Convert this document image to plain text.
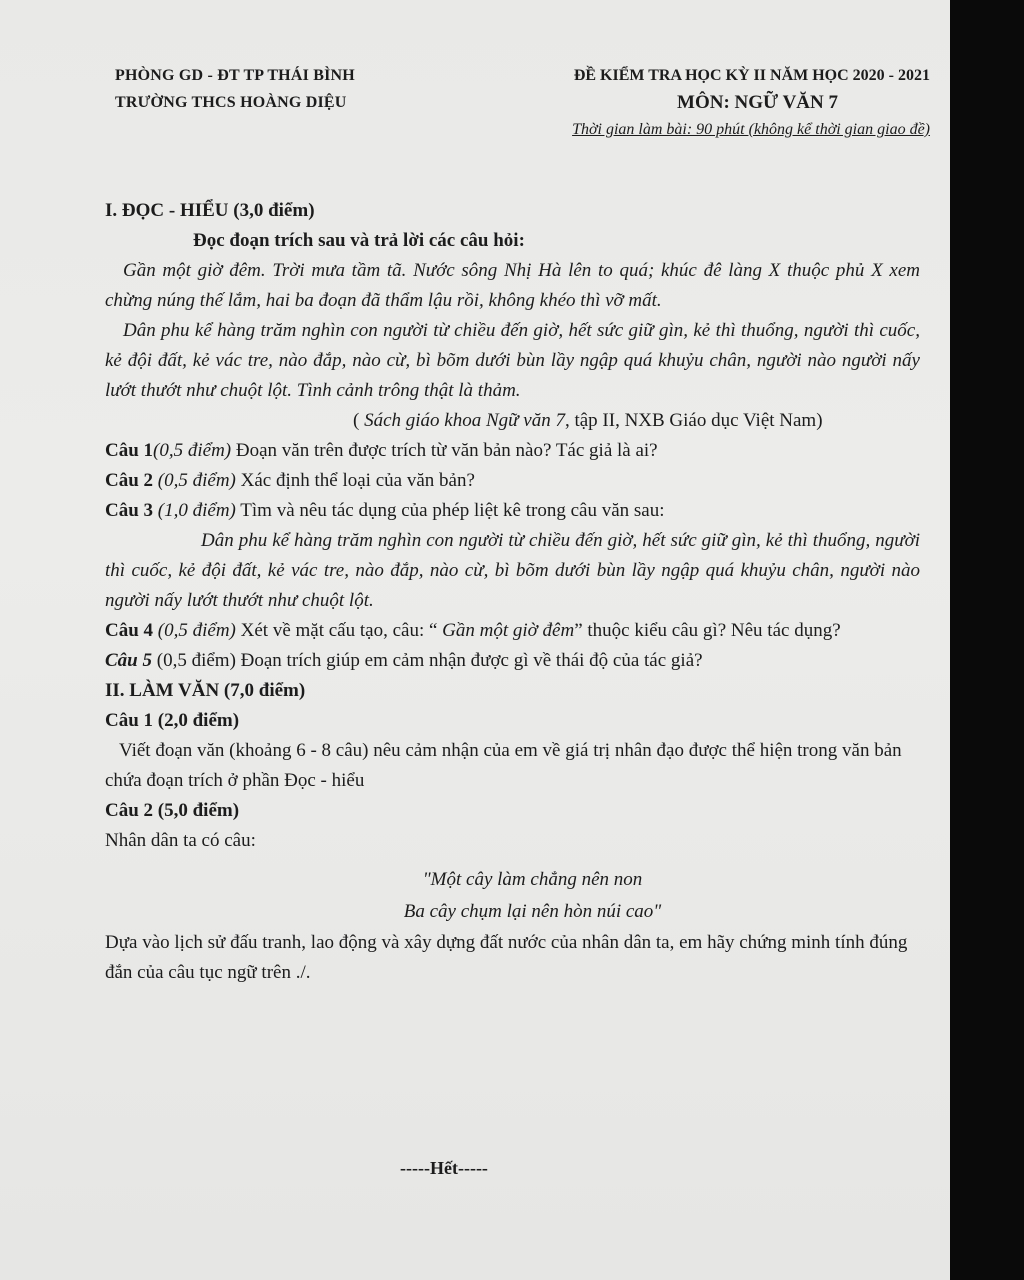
PHÒNG GD - ĐT TP THÁI BÌNH
TRƯỜNG THCS HOÀNG DIỆU
ĐỀ KIỂM TRA HỌC KỲ II NĂM HỌC 2020 - 2021
MÔN: NGỮ VĂN 7
Thời gian làm bài: 90 phút (không kể thời gian giao đề)
I. ĐỌC - HIỂU (3,0 điểm)
Đọc đoạn trích sau và trả lời các câu hỏi:

Gần một giờ đêm. Trời mưa tầm tã. Nước sông Nhị Hà lên to quá; khúc đê làng X thuộc phủ X xem chừng núng thế lắm, hai ba đoạn đã thẩm lậu rồi, không khéo thì vỡ mất.

Dân phu kể hàng trăm nghìn con người từ chiều đến giờ, hết sức giữ gìn, kẻ thì thuổng, người thì cuốc, kẻ đội đất, kẻ vác tre, nào đắp, nào cừ, bì bõm dưới bùn lầy ngập quá khuỷu chân, người nào người nấy lướt thướt như chuột lột. Tình cảnh trông thật là thảm.

( Sách giáo khoa Ngữ văn 7, tập II, NXB Giáo dục Việt Nam)

Câu 1(0,5 điểm) Đoạn văn trên được trích từ văn bản nào? Tác giả là ai?

Câu 2 (0,5 điểm) Xác định thể loại của văn bản?

Câu 3 (1,0 điểm) Tìm và nêu tác dụng của phép liệt kê trong câu văn sau:

Dân phu kể hàng trăm nghìn con người từ chiều đến giờ, hết sức giữ gìn, kẻ thì thuổng, người thì cuốc, kẻ đội đất, kẻ vác tre, nào đắp, nào cừ, bì bõm dưới bùn lầy ngập quá khuỷu chân, người nào người nấy lướt thướt như chuột lột.

Câu 4 (0,5 điểm) Xét về mặt cấu tạo, câu: “ Gần một giờ đêm” thuộc kiểu câu gì? Nêu tác dụng?

Câu 5 (0,5 điểm) Đoạn trích giúp em cảm nhận được gì về thái độ của tác giả?

II. LÀM VĂN (7,0 điểm)
Câu 1 (2,0 điểm)

Viết đoạn văn (khoảng 6 - 8 câu) nêu cảm nhận của em về giá trị nhân đạo được thể hiện trong văn bản chứa đoạn trích ở phần Đọc - hiểu

Câu 2 (5,0 điểm)
Nhân dân ta có câu:
"Một cây làm chẳng nên non
Ba cây chụm lại nên hòn núi cao"

Dựa vào lịch sử đấu tranh, lao động và xây dựng đất nước của nhân dân ta, em hãy chứng minh tính đúng đắn của câu tục ngữ trên ./.

-----Hết-----
